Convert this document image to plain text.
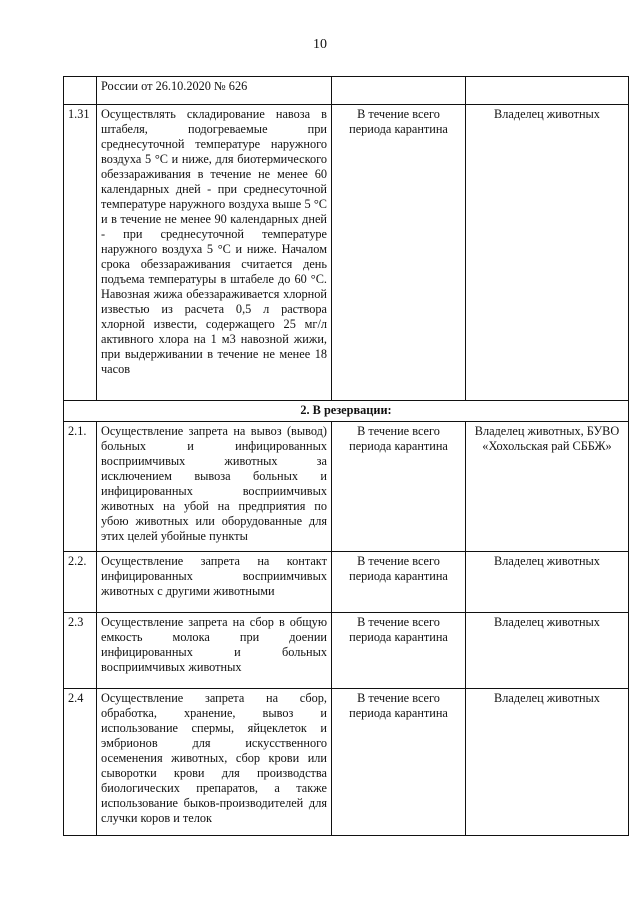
10
	России от 26.10.2020 № 626		
1.31	Осуществлять складирование навоза в штабеля, подогреваемые при среднесуточной температуре наружного воздуха 5 °С и ниже, для биотермического обеззараживания в течение не менее 60 календарных дней - при среднесуточной температуре наружного воздуха выше 5 °С и в течение не менее 90 календарных дней - при среднесуточной температуре наружного воздуха 5 °С и ниже. Началом срока обеззараживания считается день подъема температуры в штабеле до 60 °С. Навозная жижа обеззараживается хлорной известью из расчета 0,5 л раствора хлорной извести, содержащего 25 мг/л активного хлора на 1 м3 навозной жижи, при выдерживании в течение не менее 18 часов	В течение всего периода карантина	Владелец животных
2. В резервации:			
2.1.	Осуществление запрета на вывоз (вывод) больных и инфицированных восприимчивых животных за исключением вывоза больных и инфицированных восприимчивых животных на убой на предприятия по убою животных или оборудованные для этих целей убойные пункты	В течение всего периода карантина	Владелец животных, БУВО «Хохольская рай СББЖ»
2.2.	Осуществление запрета на контакт инфицированных восприимчивых животных с другими животными	В течение всего периода карантина	Владелец животных
2.3	Осуществление запрета на сбор в общую емкость молока при доении инфицированных и больных восприимчивых животных	В течение всего периода карантина	Владелец животных
2.4	Осуществление запрета на сбор, обработка, хранение, вывоз и использование спермы, яйцеклеток и эмбрионов для искусственного осеменения животных, сбор крови или сыворотки крови для производства биологических препаратов, а также использование быков-производителей для случки коров и телок	В течение всего периода карантина	Владелец животных
